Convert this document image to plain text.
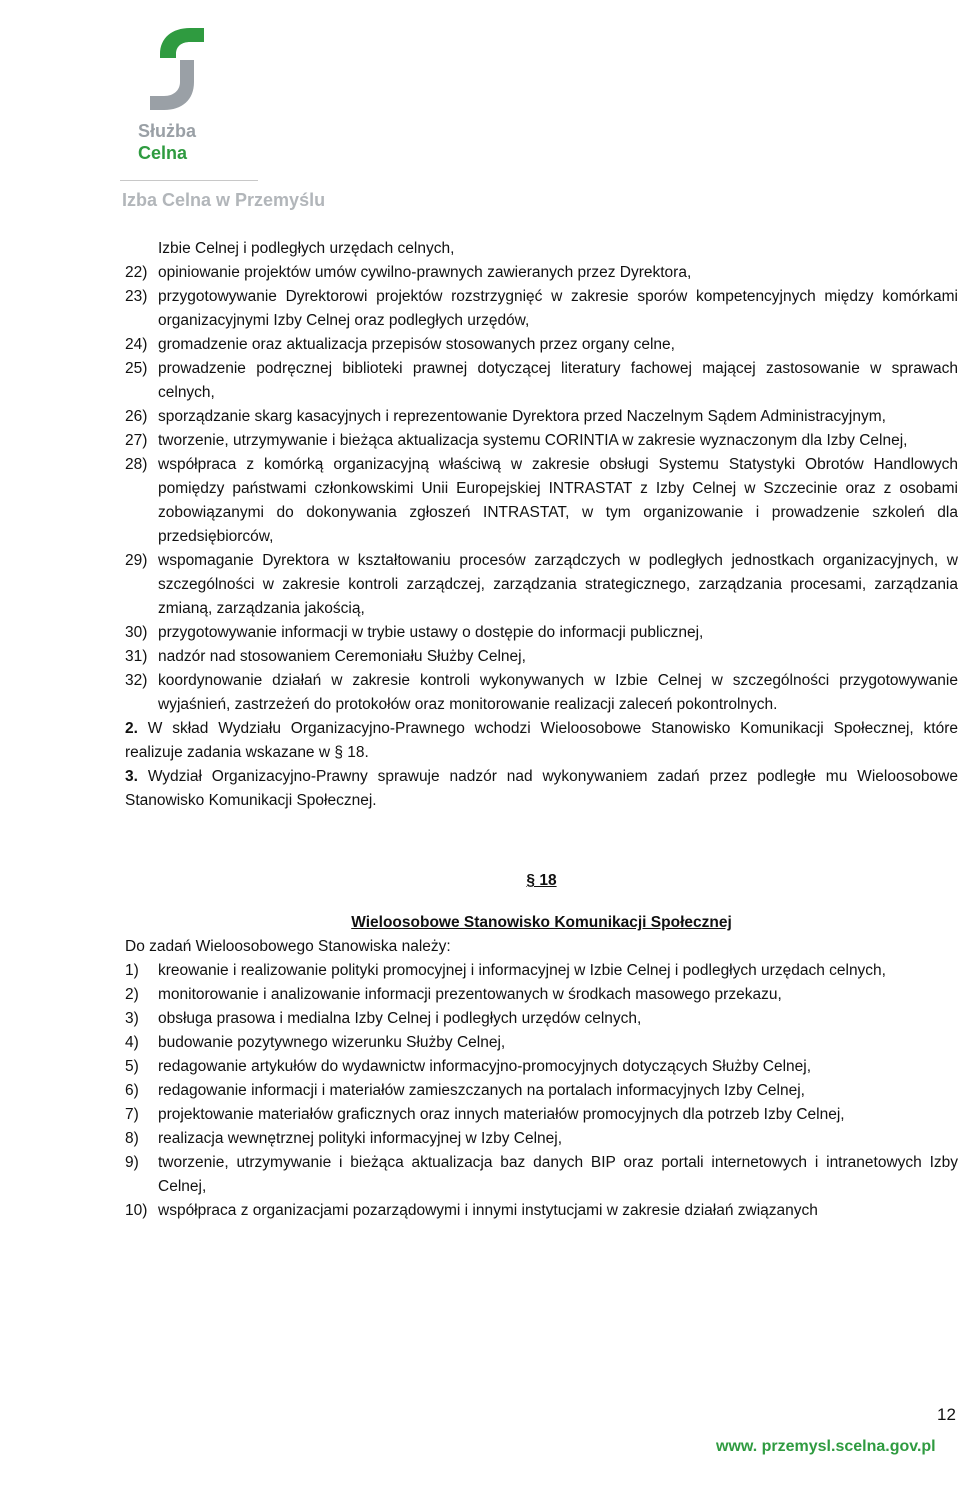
Służba
Celna
Izba Celna w Przemyślu
Izbie Celnej i podległych urzędach celnych,
22) opiniowanie projektów umów cywilno-prawnych zawieranych przez Dyrektora,
23) przygotowywanie Dyrektorowi projektów rozstrzygnięć w zakresie sporów kompetencyjnych między komórkami organizacyjnymi Izby Celnej oraz podległych urzędów,
24) gromadzenie oraz aktualizacja przepisów stosowanych przez organy celne,
25) prowadzenie podręcznej biblioteki prawnej dotyczącej literatury fachowej mającej zastosowanie w sprawach celnych,
26) sporządzanie skarg kasacyjnych i reprezentowanie Dyrektora przed Naczelnym Sądem Administracyjnym,
27) tworzenie, utrzymywanie i bieżąca aktualizacja systemu CORINTIA w zakresie wyznaczonym dla Izby Celnej,
28) współpraca z komórką organizacyjną właściwą w zakresie obsługi Systemu Statystyki Obrotów Handlowych pomiędzy państwami członkowskimi Unii Europejskiej INTRASTAT z Izby Celnej w Szczecinie oraz z osobami zobowiązanymi do dokonywania zgłoszeń INTRASTAT, w tym organizowanie i prowadzenie szkoleń dla przedsiębiorców,
29) wspomaganie Dyrektora w kształtowaniu procesów zarządczych w podległych jednostkach organizacyjnych, w szczególności w zakresie kontroli zarządczej, zarządzania strategicznego, zarządzania procesami, zarządzania zmianą, zarządzania jakością,
30) przygotowywanie informacji w trybie ustawy o dostępie do informacji publicznej,
31) nadzór nad stosowaniem Ceremoniału Służby Celnej,
32) koordynowanie działań w zakresie kontroli wykonywanych w Izbie Celnej w szczególności przygotowywanie wyjaśnień, zastrzeżeń do protokołów oraz monitorowanie realizacji zaleceń pokontrolnych.

2. W skład Wydziału Organizacyjno-Prawnego wchodzi Wieloosobowe Stanowisko Komunikacji Społecznej, które realizuje zadania wskazane w § 18.

3. Wydział Organizacyjno-Prawny sprawuje nadzór nad wykonywaniem zadań przez podległe mu Wieloosobowe Stanowisko Komunikacji Społecznej.

§ 18
Wieloosobowe Stanowisko Komunikacji Społecznej

Do zadań Wieloosobowego Stanowiska należy:

1)	kreowanie i realizowanie polityki promocyjnej i informacyjnej w Izbie Celnej i podległych urzędach celnych,
2)	monitorowanie i analizowanie informacji prezentowanych w środkach masowego przekazu,
3)	obsługa prasowa i medialna Izby Celnej i podległych urzędów celnych,
4)	budowanie pozytywnego wizerunku Służby Celnej,
5)	redagowanie artykułów do wydawnictw informacyjno-promocyjnych dotyczących Służby Celnej,
6)	redagowanie informacji i materiałów zamieszczanych na portalach informacyjnych Izby Celnej,
7)	projektowanie materiałów graficznych oraz innych materiałów promocyjnych dla potrzeb Izby Celnej,
8)	realizacja wewnętrznej polityki informacyjnej w Izby Celnej,
9)	tworzenie, utrzymywanie i bieżąca aktualizacja baz danych BIP oraz portali internetowych i intranetowych Izby Celnej,
10) współpraca z organizacjami pozarządowymi i innymi instytucjami w zakresie działań związanych
12
www. przemysl.scelna.gov.pl
